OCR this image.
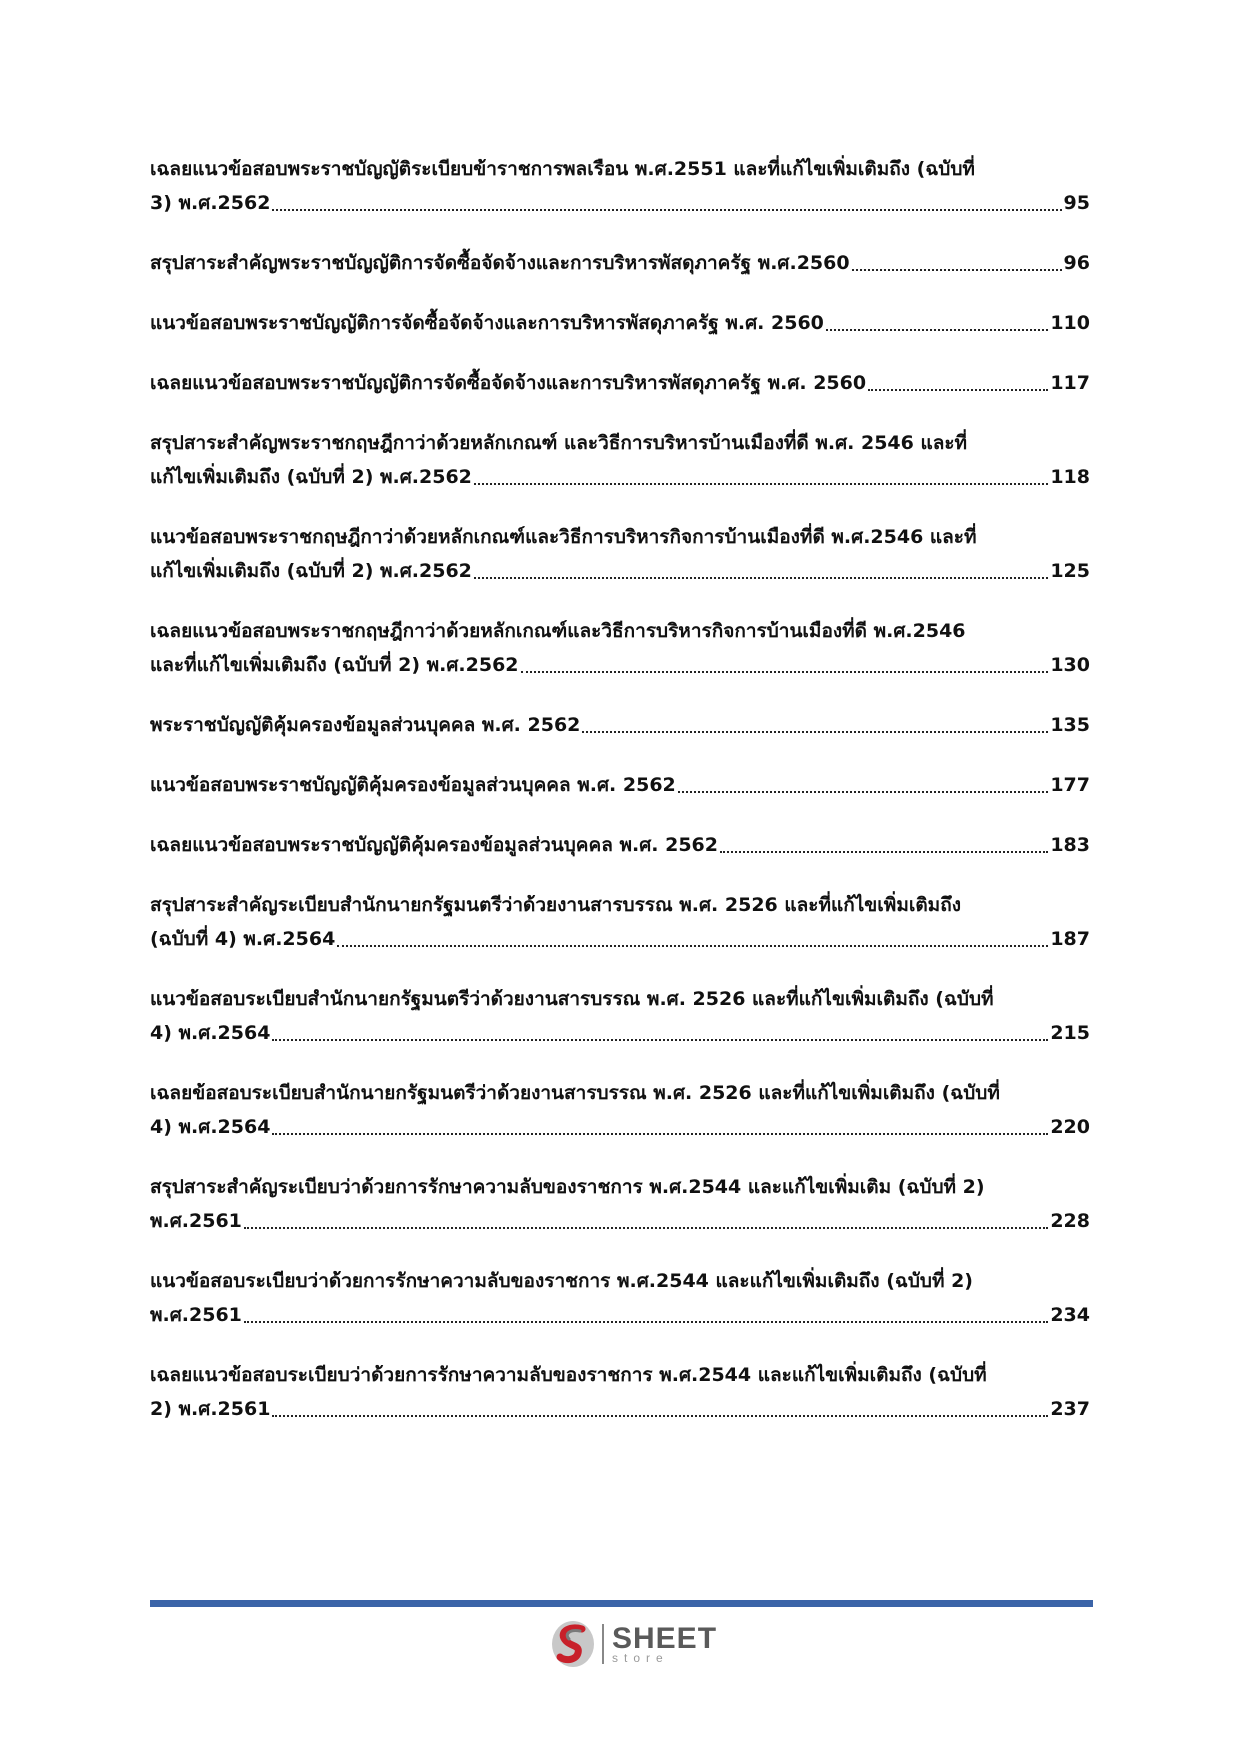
เฉลยแนวข้อสอบพระราชบัญญัติระเบียบข้าราชการพลเรือน พ.ศ.2551 และที่แก้ไขเพิ่มเติมถึง (ฉบับที่
3) พ.ศ.2562	95
สรุปสาระสำคัญพระราชบัญญัติการจัดซื้อจัดจ้างและการบริหารพัสดุภาครัฐ พ.ศ.2560	96
แนวข้อสอบพระราชบัญญัติการจัดซื้อจัดจ้างและการบริหารพัสดุภาครัฐ พ.ศ. 2560	110
เฉลยแนวข้อสอบพระราชบัญญัติการจัดซื้อจัดจ้างและการบริหารพัสดุภาครัฐ พ.ศ. 2560	117
สรุปสาระสำคัญพระราชกฤษฎีกาว่าด้วยหลักเกณฑ์ และวิธีการบริหารบ้านเมืองที่ดี พ.ศ. 2546 และที่
แก้ไขเพิ่มเติมถึง (ฉบับที่ 2) พ.ศ.2562	118
แนวข้อสอบพระราชกฤษฎีกาว่าด้วยหลักเกณฑ์และวิธีการบริหารกิจการบ้านเมืองที่ดี พ.ศ.2546 และที่
แก้ไขเพิ่มเติมถึง (ฉบับที่ 2) พ.ศ.2562	125
เฉลยแนวข้อสอบพระราชกฤษฎีกาว่าด้วยหลักเกณฑ์และวิธีการบริหารกิจการบ้านเมืองที่ดี พ.ศ.2546
และที่แก้ไขเพิ่มเติมถึง (ฉบับที่ 2) พ.ศ.2562	130
พระราชบัญญัติคุ้มครองข้อมูลส่วนบุคคล พ.ศ. 2562	135
แนวข้อสอบพระราชบัญญัติคุ้มครองข้อมูลส่วนบุคคล พ.ศ. 2562	177
เฉลยแนวข้อสอบพระราชบัญญัติคุ้มครองข้อมูลส่วนบุคคล พ.ศ. 2562	183
สรุปสาระสำคัญระเบียบสำนักนายกรัฐมนตรีว่าด้วยงานสารบรรณ พ.ศ. 2526 และที่แก้ไขเพิ่มเติมถึง
(ฉบับที่ 4) พ.ศ.2564	187
แนวข้อสอบระเบียบสำนักนายกรัฐมนตรีว่าด้วยงานสารบรรณ พ.ศ. 2526 และที่แก้ไขเพิ่มเติมถึง (ฉบับที่
4) พ.ศ.2564	215
เฉลยข้อสอบระเบียบสำนักนายกรัฐมนตรีว่าด้วยงานสารบรรณ พ.ศ. 2526 และที่แก้ไขเพิ่มเติมถึง (ฉบับที่
4) พ.ศ.2564	220
สรุปสาระสำคัญระเบียบว่าด้วยการรักษาความลับของราชการ พ.ศ.2544 และแก้ไขเพิ่มเติม (ฉบับที่ 2)
พ.ศ.2561	228
แนวข้อสอบระเบียบว่าด้วยการรักษาความลับของราชการ พ.ศ.2544 และแก้ไขเพิ่มเติมถึง (ฉบับที่ 2)
พ.ศ.2561	234
เฉลยแนวข้อสอบระเบียบว่าด้วยการรักษาความลับของราชการ พ.ศ.2544 และแก้ไขเพิ่มเติมถึง (ฉบับที่
2) พ.ศ.2561	237
SHEET
store
